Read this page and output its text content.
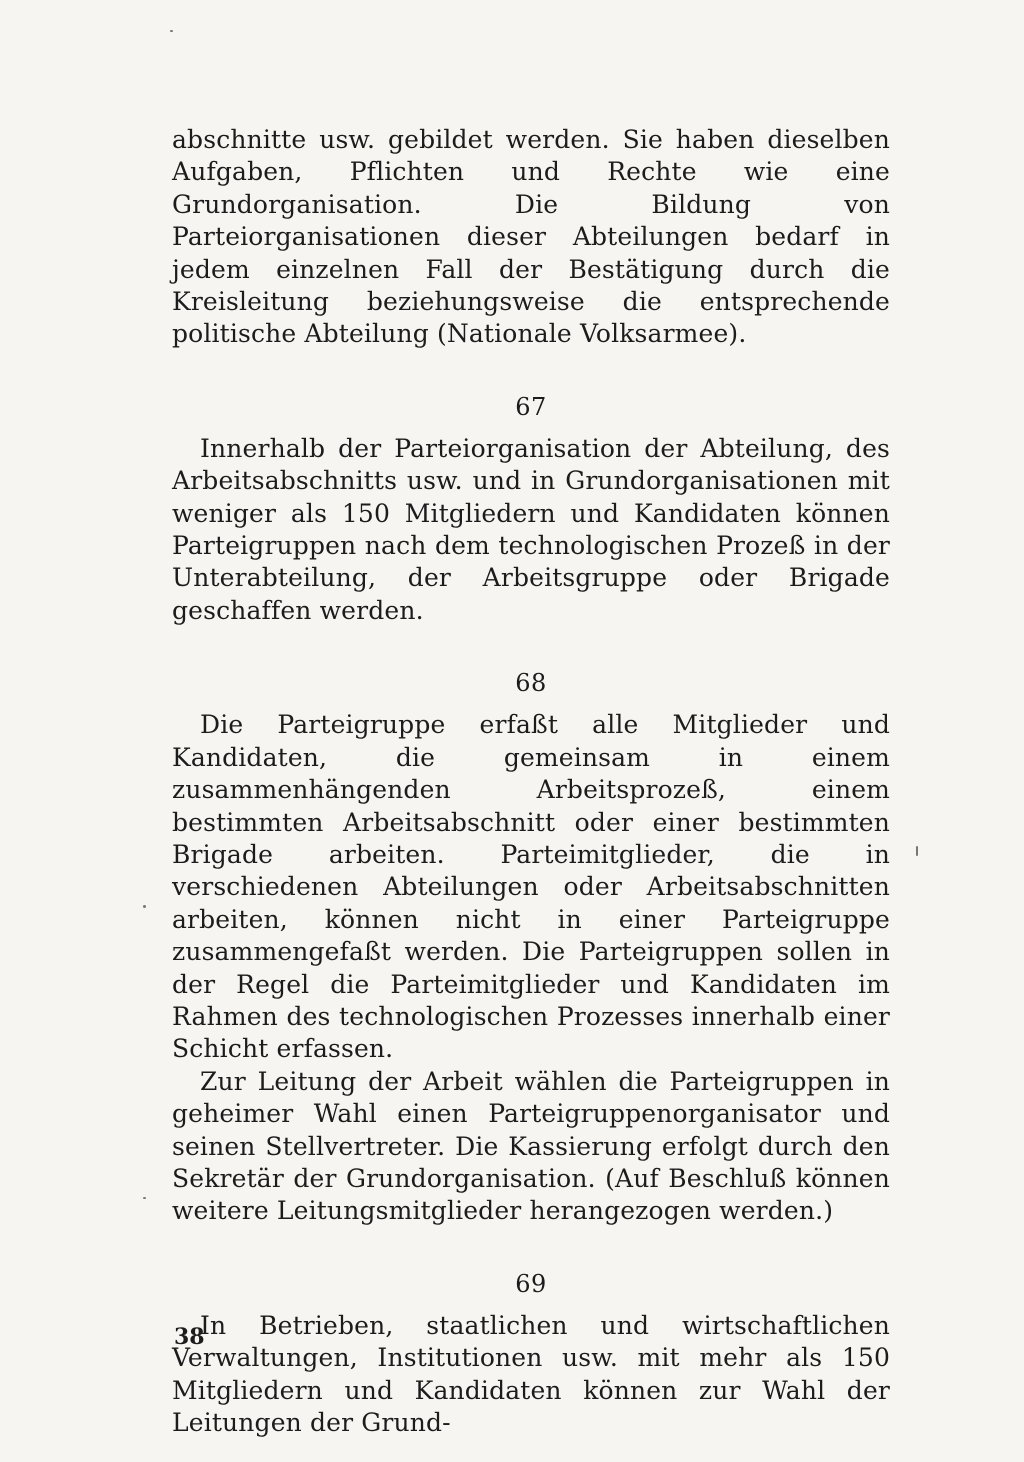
abschnitte usw. gebildet werden. Sie haben dieselben Aufgaben, Pflichten und Rechte wie eine Grundorganisation. Die Bildung von Parteiorganisationen dieser Abteilungen bedarf in jedem einzelnen Fall der Bestätigung durch die Kreisleitung beziehungsweise die entsprechende politische Abteilung (Nationale Volksarmee).

67

Innerhalb der Parteiorganisation der Abteilung, des Arbeitsabschnitts usw. und in Grundorganisationen mit weniger als 150 Mitgliedern und Kandidaten können Parteigruppen nach dem technologischen Prozeß in der Unterabteilung, der Arbeitsgruppe oder Brigade geschaffen werden.

68

Die Parteigruppe erfaßt alle Mitglieder und Kandidaten, die gemeinsam in einem zusammenhängenden Arbeitsprozeß, einem bestimmten Arbeitsabschnitt oder einer bestimmten Brigade arbeiten. Parteimitglieder, die in verschiedenen Abteilungen oder Arbeitsabschnitten arbeiten, können nicht in einer Parteigruppe zusammengefaßt werden. Die Parteigruppen sollen in der Regel die Parteimitglieder und Kandidaten im Rahmen des technologischen Prozesses innerhalb einer Schicht erfassen.

Zur Leitung der Arbeit wählen die Parteigruppen in geheimer Wahl einen Parteigruppenorganisator und seinen Stellvertreter. Die Kassierung erfolgt durch den Sekretär der Grundorganisation. (Auf Beschluß können weitere Leitungsmitglieder herangezogen werden.)

69

In Betrieben, staatlichen und wirtschaftlichen Verwaltungen, Institutionen usw. mit mehr als 150 Mitgliedern und Kandidaten können zur Wahl der Leitungen der Grund-

38
